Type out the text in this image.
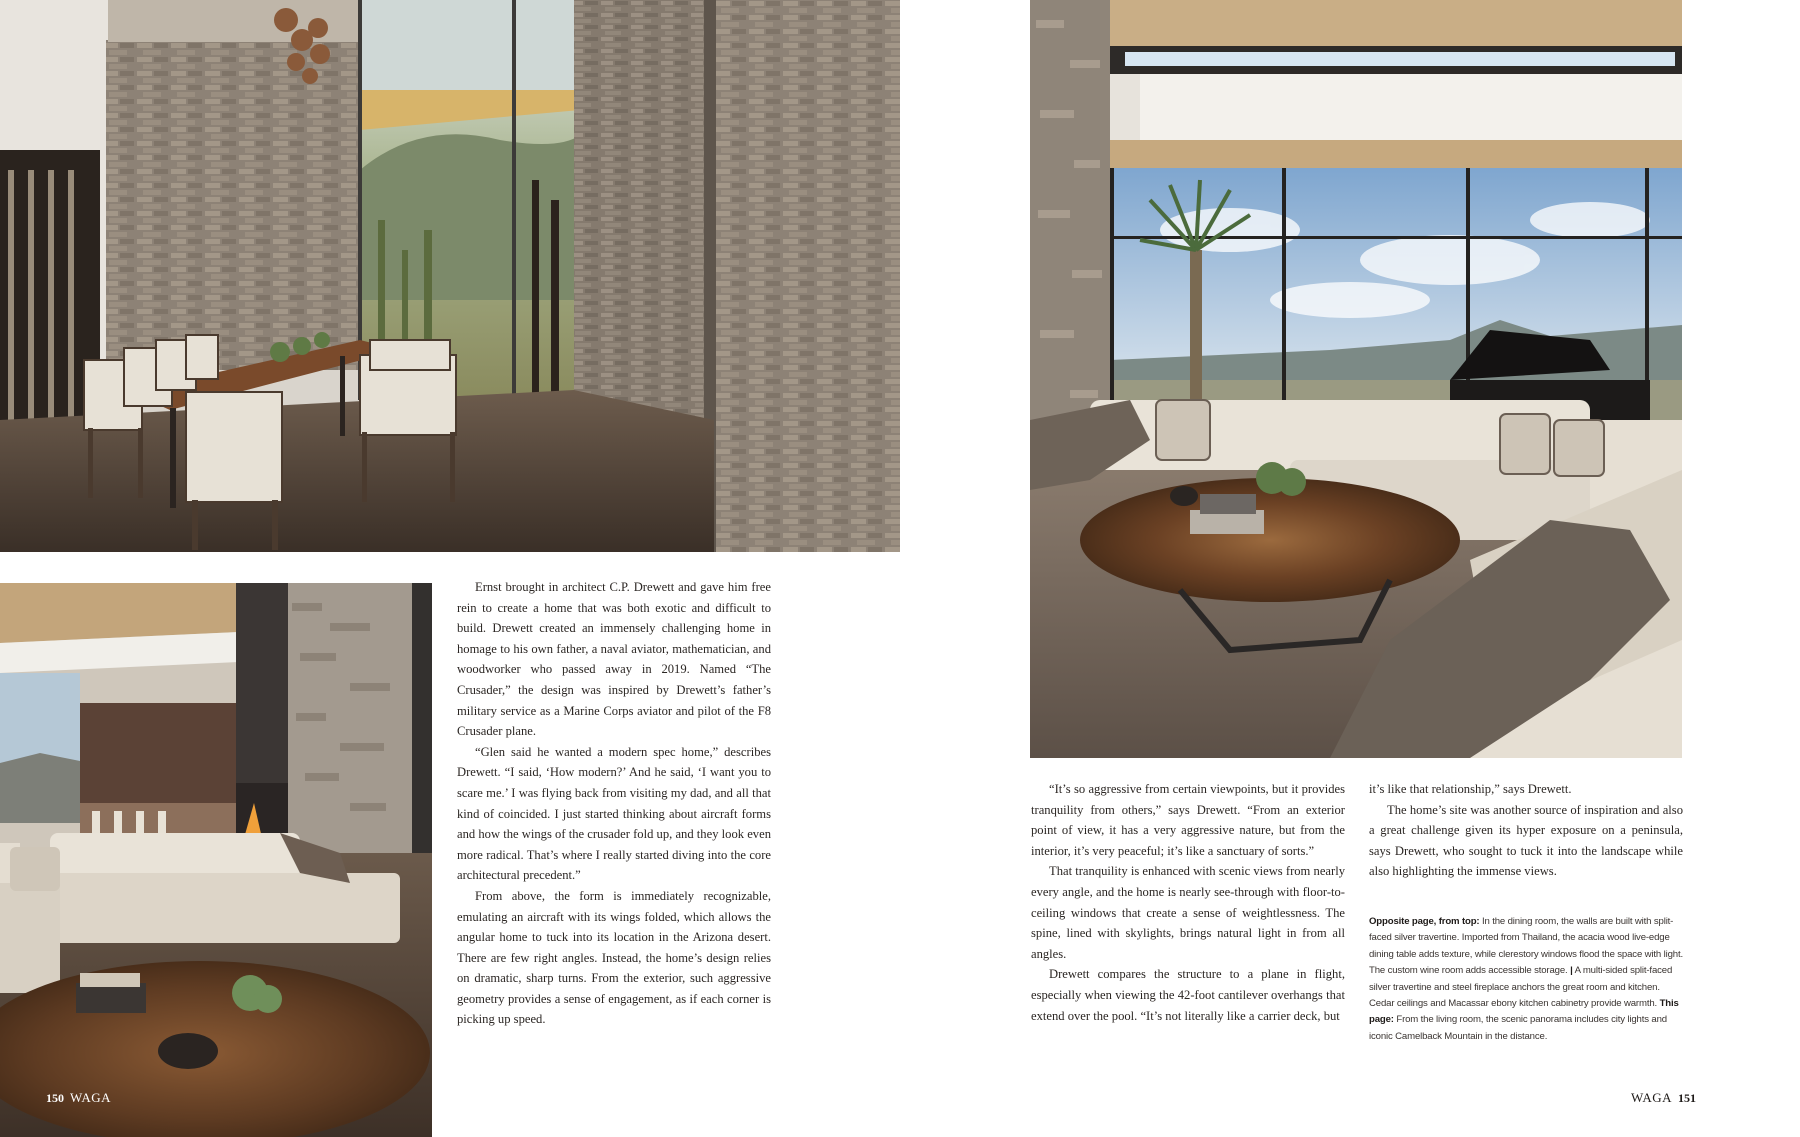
Ernst brought in architect C.P. Drewett and gave him free rein to create a home that was both exotic and difficult to build. Drewett created an immensely challenging home in homage to his own father, a naval aviator, mathematician, and woodworker who passed away in 2019. Named “The Crusader,” the design was inspired by Drewett’s father’s military service as a Marine Corps aviator and pilot of the F8 Crusader plane.

“Glen said he wanted a modern spec home,” describes Drewett. “I said, ‘How modern?’ And he said, ‘I want you to scare me.’ I was flying back from visiting my dad, and all that kind of coincided. I just started thinking about aircraft forms and how the wings of the crusader fold up, and they look even more radical. That’s where I really started diving into the core architectural precedent.”

From above, the form is immediately recognizable, emulating an aircraft with its wings folded, which allows the angular home to tuck into its location in the Arizona desert. There are few right angles. Instead, the home’s design relies on dramatic, sharp turns. From the exterior, such aggressive geometry provides a sense of engagement, as if each corner is picking up speed.

“It’s so aggressive from certain viewpoints, but it provides tranquility from others,” says Drewett. “From an exterior point of view, it has a very aggressive nature, but from the interior, it’s very peaceful; it’s like a sanctuary of sorts.”

That tranquility is enhanced with scenic views from nearly every angle, and the home is nearly see-through with floor-to-ceiling windows that create a sense of weightlessness. The spine, lined with skylights, brings natural light in from all angles.

Drewett compares the structure to a plane in flight, especially when viewing the 42-foot cantilever overhangs that extend over the pool. “It’s not literally like a carrier deck, but

it’s like that relationship,” says Drewett.

The home’s site was another source of inspiration and also a great challenge given its hyper exposure on a peninsula, says Drewett, who sought to tuck it into the landscape while also highlighting the immense views.

Opposite page, from top: In the dining room, the walls are built with split-faced silver travertine. Imported from Thailand, the acacia wood live-edge dining table adds texture, while clerestory windows flood the space with light. The custom wine room adds accessible storage. | A multi-sided split-faced silver travertine and steel fireplace anchors the great room and kitchen. Cedar ceilings and Macassar ebony kitchen cabinetry provide warmth. This page: From the living room, the scenic panorama includes city lights and iconic Camelback Mountain in the distance.
150 WAGA	WAGA 151
